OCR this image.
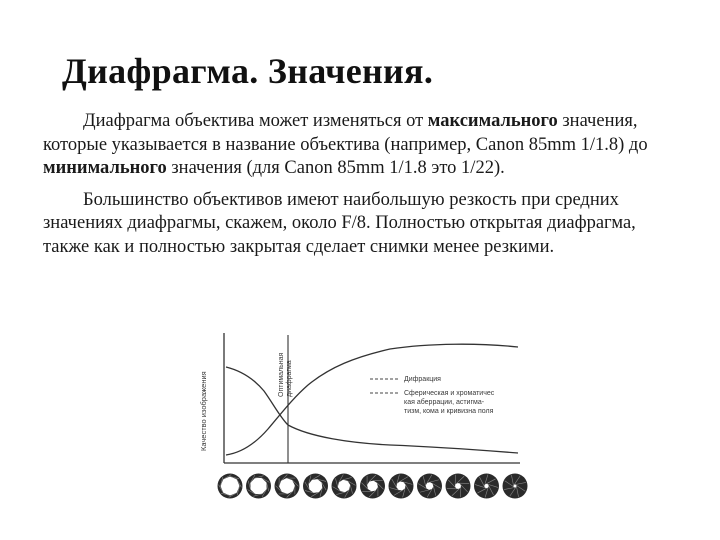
Диафрагма. Значения.

Диафрагма объектива может изменяться от максимального значения, которые указывается в название объектива (например, Canon 85mm 1/1.8) до минимального значения (для Canon 85mm 1/1.8 это 1/22).

Большинство объективов имеют наибольшую резкость при средних значениях диафрагмы, скажем, около F/8. Полностью открытая диафрагма, также как и полностью закрытая сделает снимки менее резкими.

Качество изображения	Оптимальная диафрагма	Дифракция
Сферическая и хроматичес
кая аберрации, астигма-
тизм, кома и кривизна поля
